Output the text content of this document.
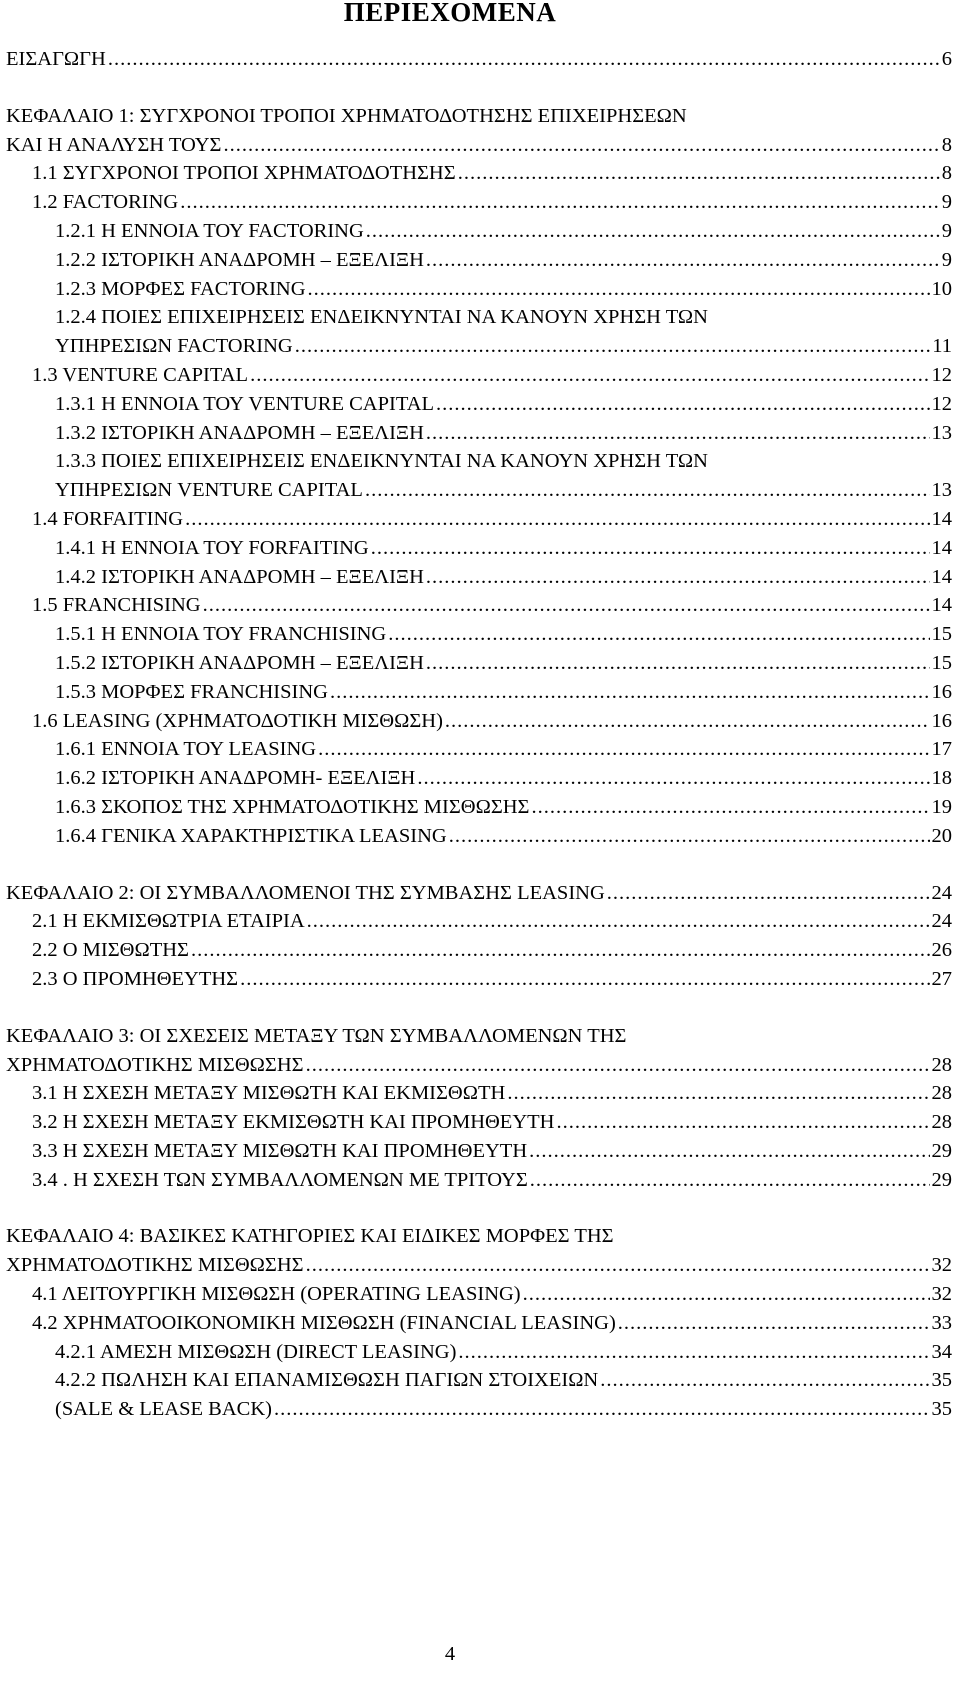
ΠΕΡΙΕΧΟΜΕΝΑ
ΕΙΣΑΓΩΓΗ .....	6
ΚΕΦΑΛΑΙΟ 1: ΣΥΓΧΡΟΝΟΙ ΤΡΟΠΟΙ ΧΡΗΜΑΤΟΔΟΤΗΣΗΣ ΕΠΙΧΕΙΡΗΣΕΩΝ
ΚΑΙ Η ΑΝΑΛΥΣΗ ΤΟΥΣ .....	8
1.1 ΣΥΓΧΡΟΝΟΙ ΤΡΟΠΟΙ ΧΡΗΜΑΤΟΔΟΤΗΣΗΣ .....	8
1.2 FACTORING .....	9
1.2.1 Η ΕΝΝΟΙΑ ΤΟΥ FACTORING .....	9
1.2.2 ΙΣΤΟΡΙΚΗ ΑΝΑΔΡΟΜΗ – ΕΞΕΛΙΞΗ .....	9
1.2.3 ΜΟΡΦΕΣ FACTORING .....	10
1.2.4 ΠΟΙΕΣ ΕΠΙΧΕΙΡΗΣΕΙΣ ΕΝΔΕΙΚΝΥΝΤΑΙ ΝΑ ΚΑΝΟΥΝ ΧΡΗΣΗ ΤΩΝ
ΥΠΗΡΕΣΙΩΝ FACTORING .....	11
1.3 VENTURE CAPITAL .....	12
1.3.1 Η ΕΝΝΟΙΑ ΤΟΥ VENTURE CAPITAL .....	12
1.3.2 ΙΣΤΟΡΙΚΗ ΑΝΑΔΡΟΜΗ – ΕΞΕΛΙΞΗ .....	13
1.3.3 ΠΟΙΕΣ ΕΠΙΧΕΙΡΗΣΕΙΣ ΕΝΔΕΙΚΝΥΝΤΑΙ ΝΑ ΚΑΝΟΥΝ ΧΡΗΣΗ ΤΩΝ
ΥΠΗΡΕΣΙΩΝ VENTURE CAPITAL .....	13
1.4 FORFAITING .....	14
1.4.1 Η ΕΝΝΟΙΑ ΤΟΥ FORFAITING .....	14
1.4.2 ΙΣΤΟΡΙΚΗ ΑΝΑΔΡΟΜΗ – ΕΞΕΛΙΞΗ .....	14
1.5 FRANCHISING .....	14
1.5.1 Η ΕΝΝΟΙΑ ΤΟΥ FRANCHISING .....	15
1.5.2 ΙΣΤΟΡΙΚΗ ΑΝΑΔΡΟΜΗ – ΕΞΕΛΙΞΗ .....	15
1.5.3 ΜΟΡΦΕΣ FRANCHISING .....	16
1.6 LEASING (ΧΡΗΜΑΤΟΔΟΤΙΚΗ ΜΙΣΘΩΣΗ) .....	16
1.6.1 ΕΝΝΟΙΑ ΤΟΥ LEASING .....	17
1.6.2 ΙΣΤΟΡΙΚΗ ΑΝΑΔΡΟΜΗ- ΕΞΕΛΙΞΗ .....	18
1.6.3 ΣΚΟΠΟΣ ΤΗΣ ΧΡΗΜΑΤΟΔΟΤΙΚΗΣ ΜΙΣΘΩΣΗΣ .....	19
1.6.4 ΓΕΝΙΚΑ ΧΑΡΑΚΤΗΡΙΣΤΙΚΑ LEASING .....	20
ΚΕΦΑΛΑΙΟ 2: ΟΙ ΣΥΜΒΑΛΛΟΜΕΝΟΙ ΤΗΣ ΣΥΜΒΑΣΗΣ LEASING .....	24
2.1 Η ΕΚΜΙΣΘΩΤΡΙΑ ΕΤΑΙΡΙΑ .....	24
2.2 Ο ΜΙΣΘΩΤΗΣ .....	26
2.3 Ο ΠΡΟΜΗΘΕΥΤΗΣ .....	27
ΚΕΦΑΛΑΙΟ 3: ΟΙ ΣΧΕΣΕΙΣ ΜΕΤΑΞΥ ΤΩΝ ΣΥΜΒΑΛΛΟΜΕΝΩΝ ΤΗΣ
ΧΡΗΜΑΤΟΔΟΤΙΚΗΣ ΜΙΣΘΩΣΗΣ .....	28
3.1 Η ΣΧΕΣΗ ΜΕΤΑΞΥ ΜΙΣΘΩΤΗ ΚΑΙ ΕΚΜΙΣΘΩΤΗ .....	28
3.2 Η ΣΧΕΣΗ ΜΕΤΑΞΥ ΕΚΜΙΣΘΩΤΗ ΚΑΙ ΠΡΟΜΗΘΕΥΤΗ .....	28
3.3 Η ΣΧΕΣΗ ΜΕΤΑΞΥ ΜΙΣΘΩΤΗ ΚΑΙ ΠΡΟΜΗΘΕΥΤΗ .....	29
3.4 . Η ΣΧΕΣΗ ΤΩΝ ΣΥΜΒΑΛΛΟΜΕΝΩΝ ΜΕ ΤΡΙΤΟΥΣ .....	29
ΚΕΦΑΛΑΙΟ 4: ΒΑΣΙΚΕΣ ΚΑΤΗΓΟΡΙΕΣ ΚΑΙ ΕΙΔΙΚΕΣ ΜΟΡΦΕΣ ΤΗΣ
ΧΡΗΜΑΤΟΔΟΤΙΚΗΣ ΜΙΣΘΩΣΗΣ .....	32
4.1 ΛΕΙΤΟΥΡΓΙΚΗ ΜΙΣΘΩΣΗ (OPERATING LEASING) .....	32
4.2 ΧΡΗΜΑΤΟΟΙΚΟΝΟΜΙΚΗ ΜΙΣΘΩΣΗ (FINANCIAL LEASING) .....	33
4.2.1 ΑΜΕΣΗ ΜΙΣΘΩΣΗ (DIRECT LEASING) .....	34
4.2.2 ΠΩΛΗΣΗ ΚΑΙ ΕΠΑΝΑΜΙΣΘΩΣΗ ΠΑΓΙΩΝ ΣΤΟΙΧΕΙΩΝ .....	35
(SALE & LEASE BACK) .....	35
4
